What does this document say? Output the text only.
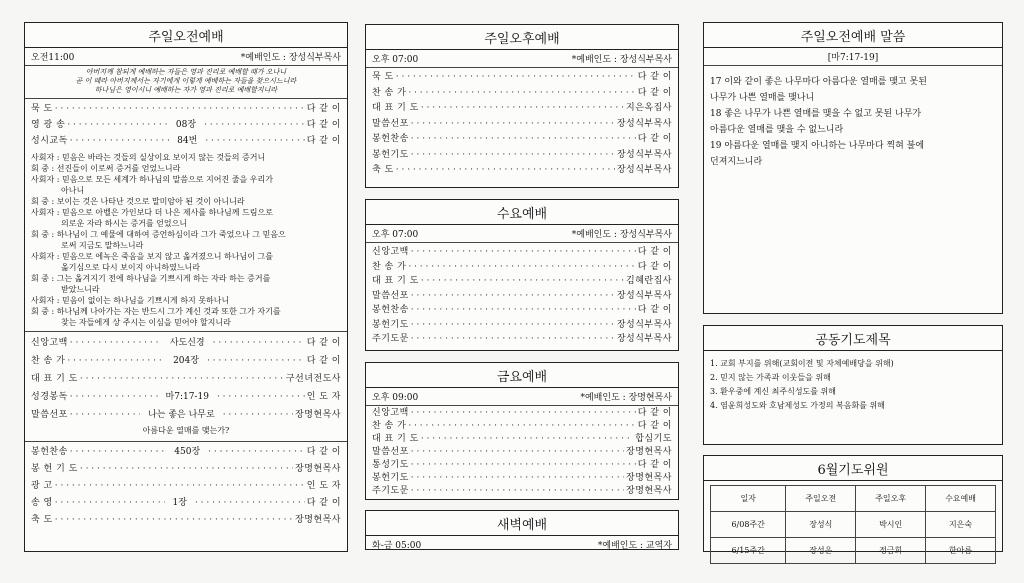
주일오전예배
오전11:00	*예배인도 : 장성식부목사
아버지께 참되게 예배하는 자들은 영과 진리로 예배할 때가 오나니
곧 이 때라 아버지께서는 자기에게 이렇게 예배하는 자들을 찾으시느니라
하나님은 영이시니 예배하는 자가 영과 진리로 예배할지니라
묵 도 · · ·	다 같 이
영 광 송 · · ·	08장 · · ·	다 같 이
성시교독 · · ·	84번 · · ·	다 같 이
사회자 : 믿음은 바라는 것들의 실상이요 보이지 않는 것들의 증거니
회 중 : 선진들이 이로써 증거를 얻었느니라
사회자 : 믿음으로 모든 세계가 하나님의 말씀으로 지어진 줄을 우리가
아나니
회 중 : 보이는 것은 나타난 것으로 말미암아 된 것이 아니니라
사회자 : 믿음으로 아벨은 가인보다 더 나은 제사를 하나님께 드림으로
의로운 자라 하시는 증거를 얻었으니
회 중 : 하나님이 그 예물에 대하여 증언하심이라 그가 죽었으나 그 믿음으
로써 지금도 말하느니라
사회자 : 믿음으로 에녹은 죽음을 보지 않고 옮겨졌으니 하나님이 그를
옮기심으로 다시 보이지 아니하였느니라
회 중 : 그는 옮겨지기 전에 하나님을 기쁘시게 하는 자라 하는 증거를
받았느니라
사회자 : 믿음이 없이는 하나님을 기쁘시게 하지 못하나니
회 중 : 하나님께 나아가는 자는 반드시 그가 계신 것과 또한 그가 자기를
찾는 자들에게 상 주시는 이심을 믿어야 할지니라
신앙고백 · · ·	사도신경 · · ·	다 같 이
찬 송 가 · · ·	204장 · · ·	다 같 이
대 표 기 도 · · ·	구선녀전도사
성경봉독 · · ·	마7:17-19 · · ·	인 도 자
말씀선포 · · ·	나는 좋은 나무로 · · ·	장명현목사
아름다운 열매를 맺는가?
봉헌찬송 · · ·	450장 · · ·	다 같 이
봉 헌 기 도 · · ·	장명현목사
광 고 · · ·	인 도 자
송 영 · · ·	1장 · · ·	다 같 이
축 도 · · ·	장명현목사
주일오후예배
오후 07:00	*예배인도 : 장성식부목사
묵 도 · · ·	다 같 이
찬 송 가 · · ·	다 같 이
대 표 기 도 · · ·	지은옥집사
말씀선포 · · ·	장성식부목사
봉헌찬송 · · ·	다 같 이
봉헌기도 · · ·	장성식부목사
축 도 · · ·	장성식부목사
수요예배
오후 07:00	*예배인도 : 장성식부목사
신앙고백 · · ·	다 같 이
찬 송 가 · · ·	다 같 이
대 표 기 도 · · ·	김혜란집사
말씀선포 · · ·	장성식부목사
봉헌찬송 · · ·	다 같 이
봉헌기도 · · ·	장성식부목사
주기도문 · · ·	장성식부목사
금요예배
오후 09:00	*예배인도 : 장명현목사
신앙고백 · · ·	다 같 이
찬 송 가 · · ·	다 같 이
대 표 기 도 · · ·	합심기도
말씀선포 · · ·	장명현목사
통성기도 · · ·	다 같 이
봉헌기도 · · ·	장명현목사
주기도문 · · ·	장명현목사
새벽예배
화-금 05:00	*예배인도 : 교역자
주일오전예배 말씀
[마7:17-19]
17 이와 같이 좋은 나무마다 아름다운 열매를 맺고 못된
나무가 나쁜 열매를 맺나니
18 좋은 나무가 나쁜 열매를 맺을 수 없고 못된 나무가
아름다운 열매를 맺을 수 없느니라
19 아름다운 열매를 맺지 아니하는 나무마다 찍혀 불에
던져지느니라
공동기도제목
1. 교회 부지를 위해(교회이전 및 자체예배당을 위해)
2. 믿지 않는 가족과 이웃들을 위해
3. 환우중에 계신 최주식성도를 위해
4. 염윤희성도와 호남제성도 가정의 복음화를 위해
6월기도위원
일자	주일오전	주일오후	수요예배
6/08주간	장성식	박시인	지은숙
6/15주간	장성은	정금희	한아름
